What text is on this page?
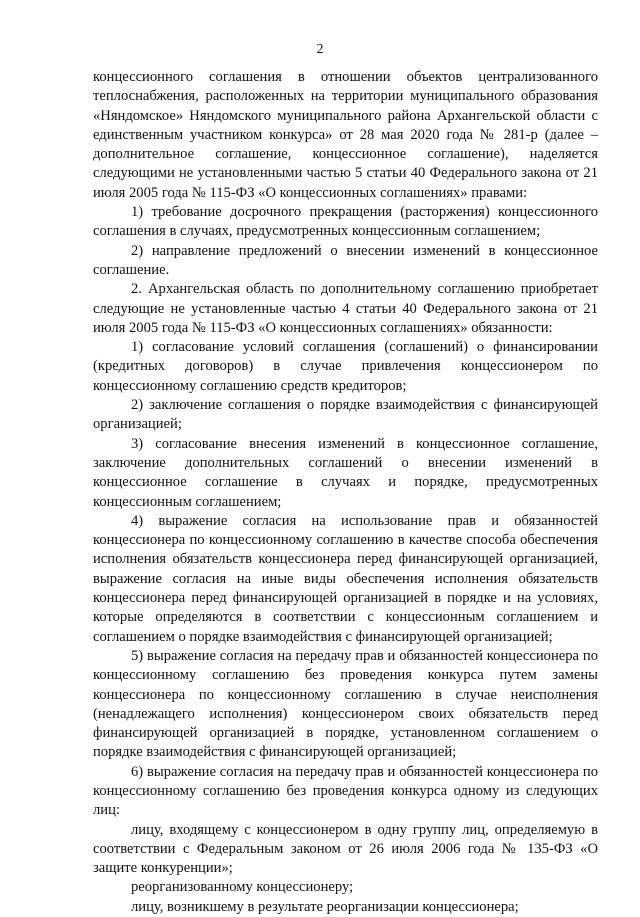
2

концессионного соглашения в отношении объектов централизованного теплоснабжения, расположенных на территории муниципального образования «Няндомское» Няндомского муниципального района Архангельской области с единственным участником конкурса» от 28 мая 2020 года № 281-р (далее – дополнительное соглашение, концессионное соглашение), наделяется следующими не установленными частью 5 статьи 40 Федерального закона от 21 июля 2005 года № 115-ФЗ «О концессионных соглашениях» правами:

1) требование досрочного прекращения (расторжения) концессионного соглашения в случаях, предусмотренных концессионным соглашением;

2) направление предложений о внесении изменений в концессионное соглашение.

2. Архангельская область по дополнительному соглашению приобретает следующие не установленные частью 4 статьи 40 Федерального закона от 21 июля 2005 года № 115-ФЗ «О концессионных соглашениях» обязанности:

1) согласование условий соглашения (соглашений) о финансировании (кредитных договоров) в случае привлечения концессионером по концессионному соглашению средств кредиторов;

2) заключение соглашения о порядке взаимодействия с финансирующей организацией;

3) согласование внесения изменений в концессионное соглашение, заключение дополнительных соглашений о внесении изменений в концессионное соглашение в случаях и порядке, предусмотренных концессионным соглашением;

4) выражение согласия на использование прав и обязанностей концессионера по концессионному соглашению в качестве способа обеспечения исполнения обязательств концессионера перед финансирующей организацией, выражение согласия на иные виды обеспечения исполнения обязательств концессионера перед финансирующей организацией в порядке и на условиях, которые определяются в соответствии с концессионным соглашением и соглашением о порядке взаимодействия с финансирующей организацией;

5) выражение согласия на передачу прав и обязанностей концессионера по концессионному соглашению без проведения конкурса путем замены концессионера по концессионному соглашению в случае неисполнения (ненадлежащего исполнения) концессионером своих обязательств перед финансирующей организацией в порядке, установленном соглашением о порядке взаимодействия с финансирующей организацией;

6) выражение согласия на передачу прав и обязанностей концессионера по концессионному соглашению без проведения конкурса одному из следующих лиц:

лицу, входящему с концессионером в одну группу лиц, определяемую в соответствии с Федеральным законом от 26 июля 2006 года № 135-ФЗ «О защите конкуренции»;

реорганизованному концессионеру;

лицу, возникшему в результате реорганизации концессионера;
